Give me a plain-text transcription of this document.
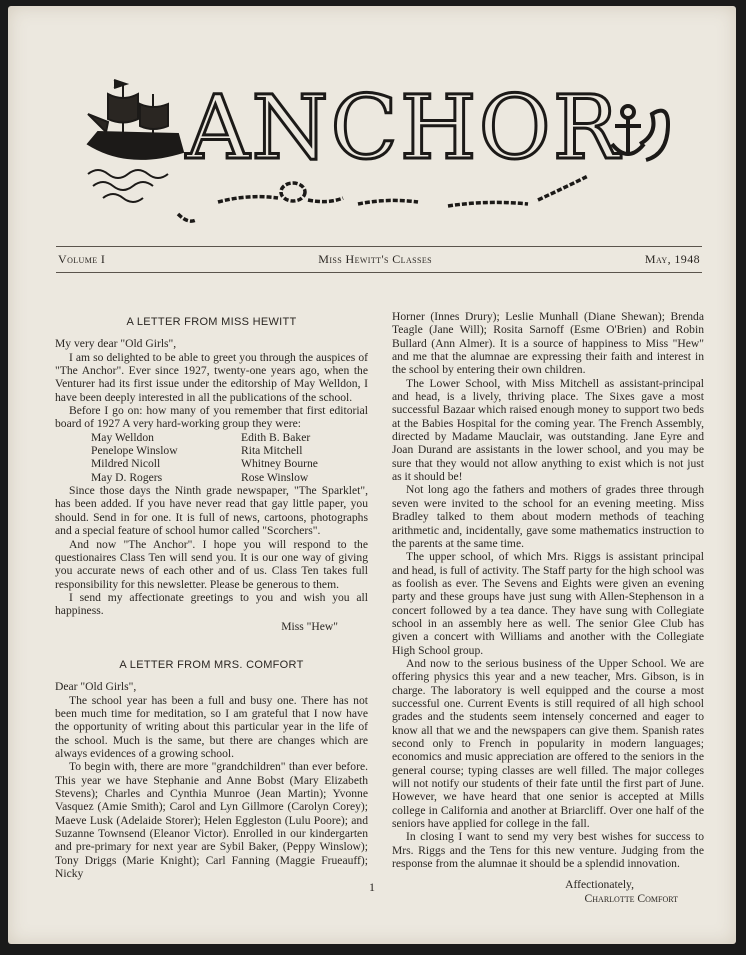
ANCHOR
Volume I	Miss Hewitt's Classes	May, 1948
A LETTER FROM MISS HEWITT

My very dear "Old Girls",

I am so delighted to be able to greet you through the auspices of "The Anchor". Ever since 1927, twenty-one years ago, when the Venturer had its first issue under the editorship of May Welldon, I have been deeply interested in all the publications of the school.

Before I go on: how many of you remember that first editorial board of 1927 A very hard-working group they were:

May Welldon	Edith B. Baker
Penelope Winslow	Rita Mitchell
Mildred Nicoll	Whitney Bourne
May D. Rogers	Rose Winslow

Since those days the Ninth grade newspaper, "The Sparklet", has been added. If you have never read that gay little paper, you should. Send in for one. It is full of news, cartoons, photographs and a special feature of school humor called "Scorchers".

And now "The Anchor". I hope you will respond to the questionaires Class Ten will send you. It is our one way of giving you accurate news of each other and of us. Class Ten takes full responsibility for this newsletter. Please be generous to them.

I send my affectionate greetings to you and wish you all happiness.

Miss "Hew"
A LETTER FROM MRS. COMFORT

Dear "Old Girls",

The school year has been a full and busy one. There has not been much time for meditation, so I am grateful that I now have the opportunity of writing about this particular year in the life of the school. Much is the same, but there are changes which are always evidences of a growing school.

To begin with, there are more "grandchildren" than ever before. This year we have Stephanie and Anne Bobst (Mary Elizabeth Stevens); Charles and Cynthia Munroe (Jean Martin); Yvonne Vasquez (Amie Smith); Carol and Lyn Gillmore (Carolyn Corey); Maeve Lusk (Adelaide Storer); Helen Eggleston (Lulu Poore); and Suzanne Townsend (Eleanor Victor). Enrolled in our kindergarten and pre-primary for next year are Sybil Baker, (Peppy Winslow); Tony Driggs (Marie Knight); Carl Fanning (Maggie Frueauff); Nicky

Horner (Innes Drury); Leslie Munhall (Diane Shewan); Brenda Teagle (Jane Will); Rosita Sarnoff (Esme O'Brien) and Robin Bullard (Ann Almer). It is a source of happiness to Miss "Hew" and me that the alumnae are expressing their faith and interest in the school by entering their own children.

The Lower School, with Miss Mitchell as assistant-principal and head, is a lively, thriving place. The Sixes gave a most successful Bazaar which raised enough money to support two beds at the Babies Hospital for the coming year. The French Assembly, directed by Madame Mauclair, was outstanding. Jane Eyre and Joan Durand are assistants in the lower school, and you may be sure that they would not allow anything to exist which is not just as it should be!

Not long ago the fathers and mothers of grades three through seven were invited to the school for an evening meeting. Miss Bradley talked to them about modern methods of teaching arithmetic and, incidentally, gave some mathematics instruction to the parents at the same time.

The upper school, of which Mrs. Riggs is assistant principal and head, is full of activity. The Staff party for the high school was as foolish as ever. The Sevens and Eights were given an evening party and these groups have just sung with Allen-Stephenson in a concert followed by a tea dance. They have sung with Collegiate school in an assembly here as well. The senior Glee Club has given a concert with Williams and another with the Collegiate High School group.

And now to the serious business of the Upper School. We are offering physics this year and a new teacher, Mrs. Gibson, is in charge. The laboratory is well equipped and the course a most successful one. Current Events is still required of all high school grades and the students seem intensely concerned and eager to know all that we and the newspapers can give them. Spanish rates second only to French in popularity in modern languages; economics and music appreciation are offered to the seniors in the general course; typing classes are well filled. The major colleges will not notify our students of their fate until the first part of June. However, we have heard that one senior is accepted at Mills college in California and another at Briarcliff. Over one half of the seniors have applied for college in the fall.

In closing I want to send my very best wishes for success to Mrs. Riggs and the Tens for this new venture. Judging from the response from the alumnae it should be a splendid innovation.

Affectionately,
Charlotte Comfort
1
